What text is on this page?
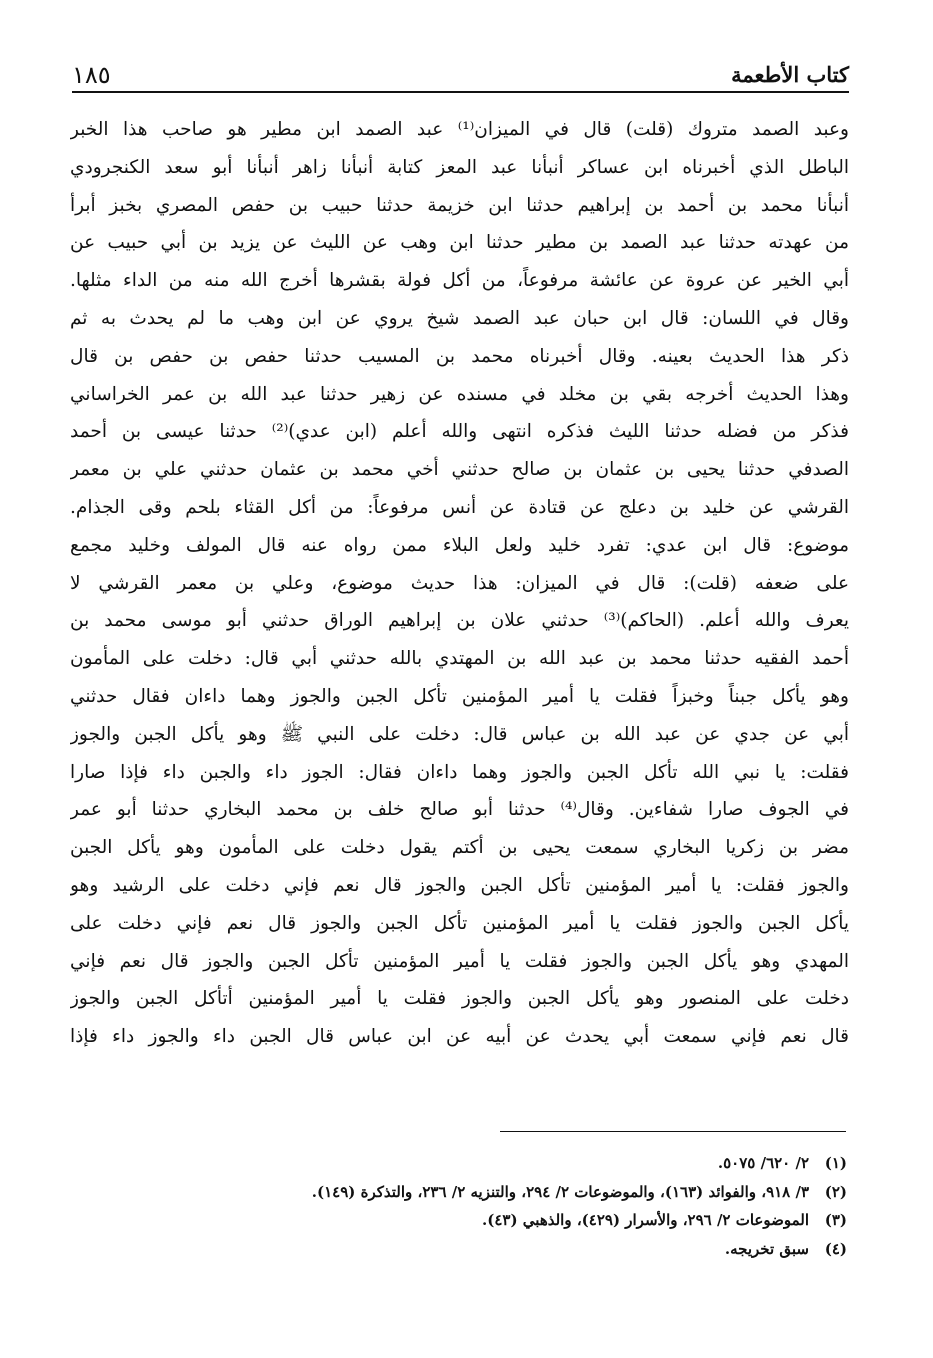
كتاب الأطعمة
١٨٥
وعبد الصمد متروك (قلت) قال في الميزان⁽¹⁾ عبد الصمد ابن مطير هو صاحب هذا الخبر
الباطل الذي أخبرناه ابن عساكر أنبأنا عبد المعز كتابة أنبأنا زاهر أنبأنا أبو سعد الكنجرودي
أنبأنا محمد بن أحمد بن إبراهيم حدثنا ابن خزيمة حدثنا حبيب بن حفص المصري بخبز أبرأ
من عهدته حدثنا عبد الصمد بن مطير حدثنا ابن وهب عن الليث عن يزيد بن أبي حبيب عن
أبي الخير عن عروة عن عائشة مرفوعاً، من أكل فولة بقشرها أخرج الله منه من الداء مثلها.
وقال في اللسان: قال ابن حبان عبد الصمد شيخ يروي عن ابن وهب ما لم يحدث به ثم
ذكر هذا الحديث بعينه. وقال أخبرناه محمد بن المسيب حدثنا حفص بن حفص بن قال
وهذا الحديث أخرجه بقي بن مخلد في مسنده عن زهير حدثنا عبد الله بن عمر الخراساني
فذكر من فضله حدثنا الليث فذكره انتهى والله أعلم (ابن عدي)⁽²⁾ حدثنا عيسى بن أحمد
الصدفي حدثنا يحيى بن عثمان بن صالح حدثني أخي محمد بن عثمان حدثني علي بن معمر
القرشي عن خليد بن دعلج عن قتادة عن أنس مرفوعاً: من أكل القثاء بلحم وقى الجذام.
موضوع: قال ابن عدي: تفرد خليد ولعل البلاء ممن رواه عنه قال المولف وخليد مجمع
على ضعفه (قلت): قال في الميزان: هذا حديث موضوع، وعلي بن معمر القرشي لا
يعرف والله أعلم. (الحاكم)⁽³⁾ حدثني علان بن إبراهيم الوراق حدثني أبو موسى محمد بن
أحمد الفقيه حدثنا محمد بن عبد الله بن المهتدي بالله حدثني أبي قال: دخلت على المأمون
وهو يأكل جبناً وخبزاً فقلت يا أمير المؤمنين تأكل الجبن والجوز وهما داءان فقال حدثني
أبي عن جدي عن عبد الله بن عباس قال: دخلت على النبي ﷺ وهو يأكل الجبن والجوز
فقلت: يا نبي الله تأكل الجبن والجوز وهما داءان فقال: الجوز داء والجبن داء فإذا صارا
في الجوف صارا شفاءين. وقال⁽⁴⁾ حدثنا أبو صالح خلف بن محمد البخاري حدثنا أبو عمر
مضر بن زكريا البخاري سمعت يحيى بن أكتم يقول دخلت على المأمون وهو يأكل الجبن
والجوز فقلت: يا أمير المؤمنين تأكل الجبن والجوز قال نعم فإني دخلت على الرشيد وهو
يأكل الجبن والجوز فقلت يا أمير المؤمنين تأكل الجبن والجوز قال نعم فإني دخلت على
المهدي وهو يأكل الجبن والجوز فقلت يا أمير المؤمنين تأكل الجبن والجوز قال نعم فإني
دخلت على المنصور وهو يأكل الجبن والجوز فقلت يا أمير المؤمنين أتأكل الجبن والجوز
قال نعم فإني سمعت أبي يحدث عن أبيه عن ابن عباس قال الجبن داء والجوز داء فإذا
(١)
٢/ ٦٢٠/ ٥٠٧٥.
(٢)
٣/ ٩١٨، والفوائد (١٦٣)، والموضوعات ٢/ ٢٩٤، والتنزيه ٢/ ٢٣٦، والتذكرة (١٤٩).
(٣)
الموضوعات ٢/ ٢٩٦، والأسرار (٤٢٩)، والذهبي (٤٣).
(٤)
سبق تخريجه.
